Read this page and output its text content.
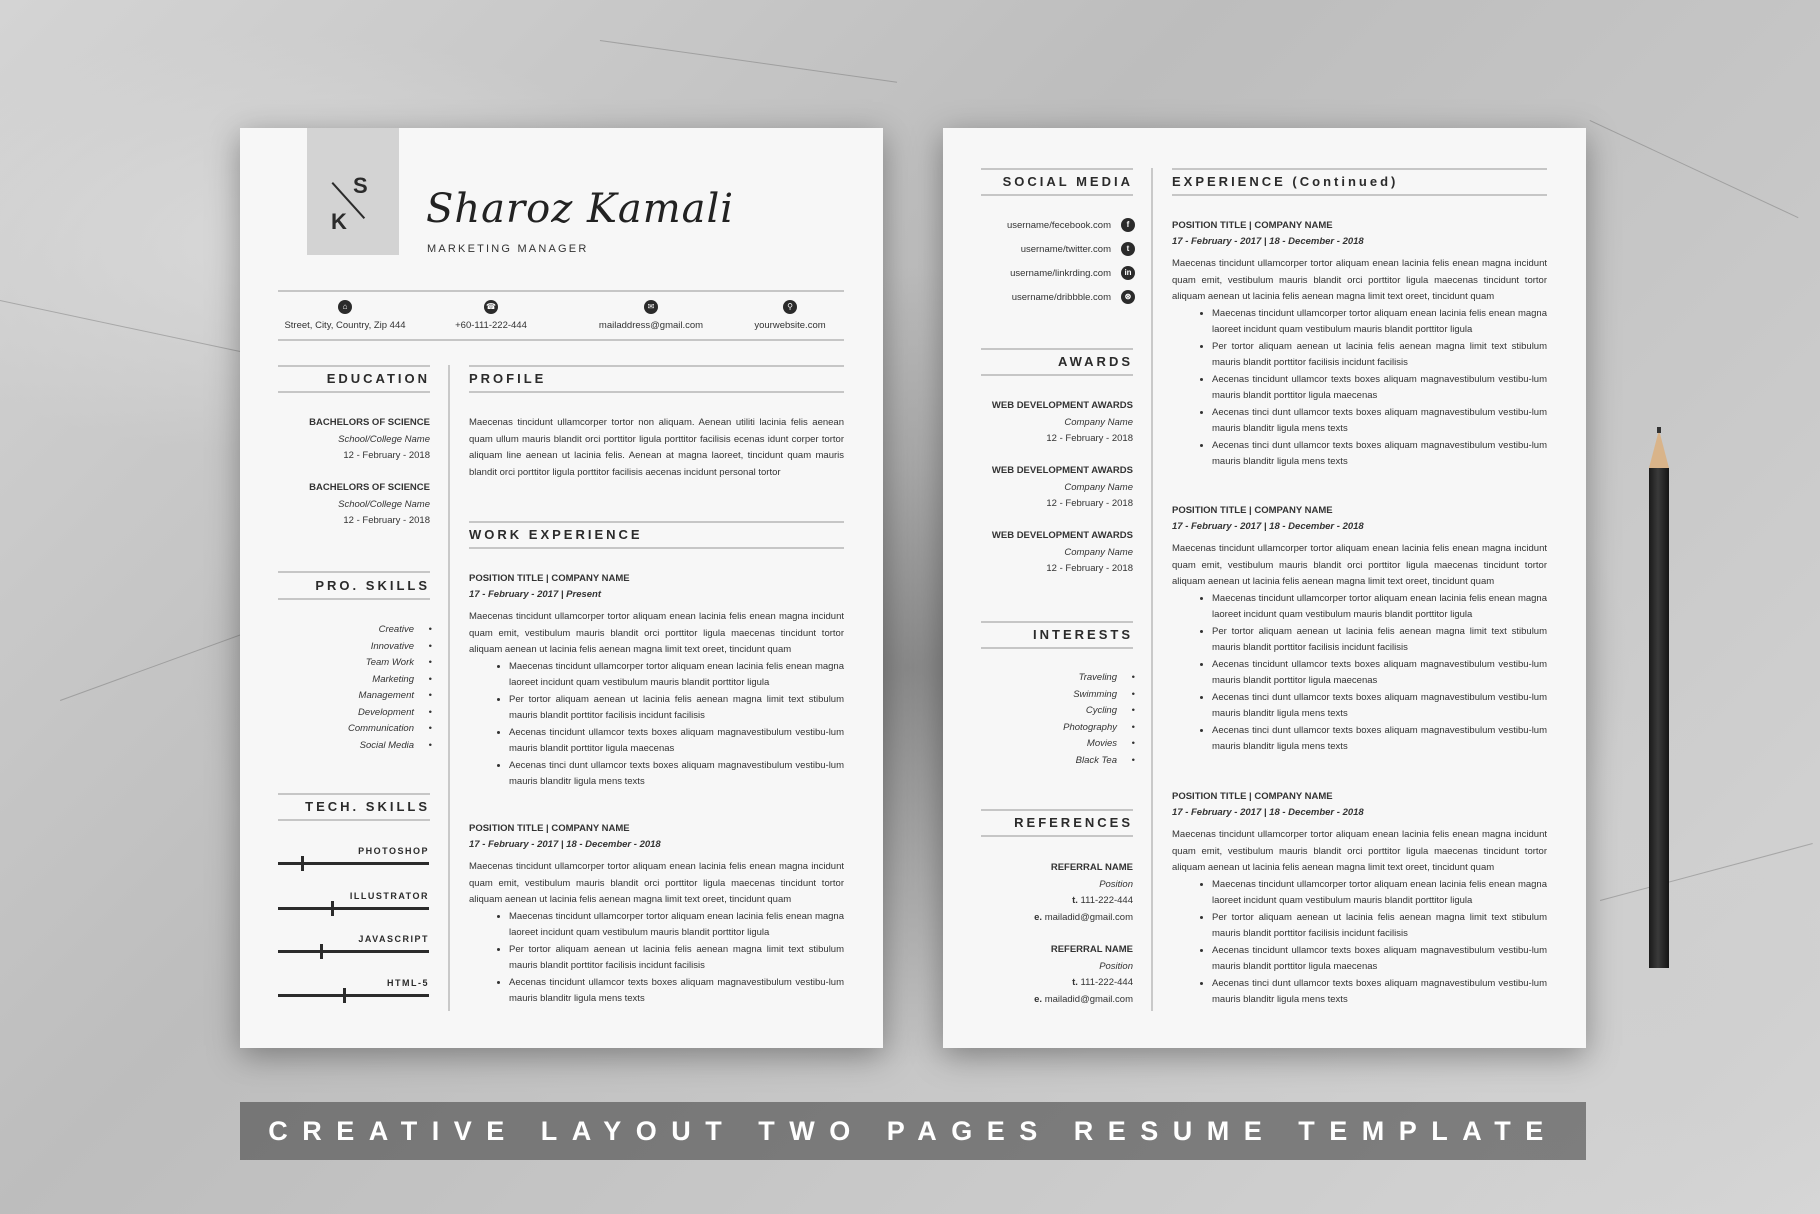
S
K Sharoz Kamali
MARKETING MANAGER
⌂
Street, City, Country, Zip 444
☎
+60-111-222-444
✉
mailaddress@gmail.com
⚲
yourwebsite.com
EDUCATION
BACHELORS OF SCIENCE
School/College Name
12 - February - 2018
BACHELORS OF SCIENCE
School/College Name
12 - February - 2018
PRO. SKILLS
Creative •
Innovative •
Team Work •
Marketing •
Management •
Development •
Communication •
Social Media •
TECH. SKILLS
PHOTOSHOP
ILLUSTRATOR
JAVASCRIPT
HTML-5
PROFILE
Maecenas tincidunt ullamcorper tortor non aliquam. Aenean utiliti lacinia felis aenean quam ullum mauris blandit orci porttitor ligula porttitor facilisis ecenas idunt corper tortor aliquam line aenean ut lacinia felis. Aenean at magna laoreet, tincidunt quam mauris blandit orci porttitor ligula porttitor facilisis aecenas incidunt personal tortor
WORK EXPERIENCE
POSITION TITLE | COMPANY NAME
17 - February - 2017 | Present
Maecenas tincidunt ullamcorper tortor aliquam enean lacinia felis enean magna incidunt quam emit, vestibulum mauris blandit orci porttitor ligula maecenas tincidunt tortor aliquam aenean ut lacinia felis aenean magna limit text oreet, tincidunt quam
• Maecenas tincidunt ullamcorper tortor aliquam enean lacinia felis enean magna laoreet incidunt quam vestibulum mauris blandit porttitor ligula
• Per tortor aliquam aenean ut lacinia felis aenean magna limit text stibulum mauris blandit porttitor facilisis incidunt facilisis
• Aecenas tincidunt ullamcor texts boxes aliquam magnavestibulum vestibu-lum mauris blandit porttitor ligula maecenas
• Aecenas tinci dunt ullamcor texts boxes aliquam magnavestibulum vestibu-lum mauris blanditr ligula mens texts
POSITION TITLE | COMPANY NAME
17 - February - 2017 | 18 - December - 2018
Maecenas tincidunt ullamcorper tortor aliquam enean lacinia felis enean magna incidunt quam emit, vestibulum mauris blandit orci porttitor ligula maecenas tincidunt tortor aliquam aenean ut lacinia felis aenean magna limit text oreet, tincidunt quam
• Maecenas tincidunt ullamcorper tortor aliquam enean lacinia felis enean magna laoreet incidunt quam vestibulum mauris blandit porttitor ligula
• Per tortor aliquam aenean ut lacinia felis aenean magna limit text stibulum mauris blandit porttitor facilisis incidunt facilisis
• Aecenas tincidunt ullamcor texts boxes aliquam magnavestibulum vestibu-lum mauris blanditr ligula mens texts
SOCIAL MEDIA
username/fecebook.com f
username/twitter.com t
username/linkrding.com in
username/dribbble.com ⊛
AWARDS
WEB DEVELOPMENT AWARDS
Company Name
12 - February - 2018
WEB DEVELOPMENT AWARDS
Company Name
12 - February - 2018
WEB DEVELOPMENT AWARDS
Company Name
12 - February - 2018
INTERESTS
Traveling •
Swimming •
Cycling •
Photography •
Movies •
Black Tea •
REFERENCES
REFERRAL NAME
Position
t. 111-222-444
e. mailadid@gmail.com
REFERRAL NAME
Position
t. 111-222-444
e. mailadid@gmail.com
EXPERIENCE (Continued)
POSITION TITLE | COMPANY NAME
17 - February - 2017 | 18 - December - 2018
Maecenas tincidunt ullamcorper tortor aliquam enean lacinia felis enean magna incidunt quam emit, vestibulum mauris blandit orci porttitor ligula maecenas tincidunt tortor aliquam aenean ut lacinia felis aenean magna limit text oreet, tincidunt quam
• Maecenas tincidunt ullamcorper tortor aliquam enean lacinia felis enean magna laoreet incidunt quam vestibulum mauris blandit porttitor ligula
• Per tortor aliquam aenean ut lacinia felis aenean magna limit text stibulum mauris blandit porttitor facilisis incidunt facilisis
• Aecenas tincidunt ullamcor texts boxes aliquam magnavestibulum vestibu-lum mauris blandit porttitor ligula maecenas
• Aecenas tinci dunt ullamcor texts boxes aliquam magnavestibulum vestibu-lum mauris blanditr ligula mens texts
• Aecenas tinci dunt ullamcor texts boxes aliquam magnavestibulum vestibu-lum mauris blanditr ligula mens texts
POSITION TITLE | COMPANY NAME
17 - February - 2017 | 18 - December - 2018
Maecenas tincidunt ullamcorper tortor aliquam enean lacinia felis enean magna incidunt quam emit, vestibulum mauris blandit orci porttitor ligula maecenas tincidunt tortor aliquam aenean ut lacinia felis aenean magna limit text oreet, tincidunt quam
• Maecenas tincidunt ullamcorper tortor aliquam enean lacinia felis enean magna laoreet incidunt quam vestibulum mauris blandit porttitor ligula
• Per tortor aliquam aenean ut lacinia felis aenean magna limit text stibulum mauris blandit porttitor facilisis incidunt facilisis
• Aecenas tincidunt ullamcor texts boxes aliquam magnavestibulum vestibu-lum mauris blandit porttitor ligula maecenas
• Aecenas tinci dunt ullamcor texts boxes aliquam magnavestibulum vestibu-lum mauris blanditr ligula mens texts
• Aecenas tinci dunt ullamcor texts boxes aliquam magnavestibulum vestibu-lum mauris blanditr ligula mens texts
POSITION TITLE | COMPANY NAME
17 - February - 2017 | 18 - December - 2018
Maecenas tincidunt ullamcorper tortor aliquam enean lacinia felis enean magna incidunt quam emit, vestibulum mauris blandit orci porttitor ligula maecenas tincidunt tortor aliquam aenean ut lacinia felis aenean magna limit text oreet, tincidunt quam
• Maecenas tincidunt ullamcorper tortor aliquam enean lacinia felis enean magna laoreet incidunt quam vestibulum mauris blandit porttitor ligula
• Per tortor aliquam aenean ut lacinia felis aenean magna limit text stibulum mauris blandit porttitor facilisis incidunt facilisis
• Aecenas tincidunt ullamcor texts boxes aliquam magnavestibulum vestibu-lum mauris blandit porttitor ligula maecenas
• Aecenas tinci dunt ullamcor texts boxes aliquam magnavestibulum vestibu-lum mauris blanditr ligula mens texts
CREATIVE LAYOUT TWO PAGES RESUME TEMPLATE
